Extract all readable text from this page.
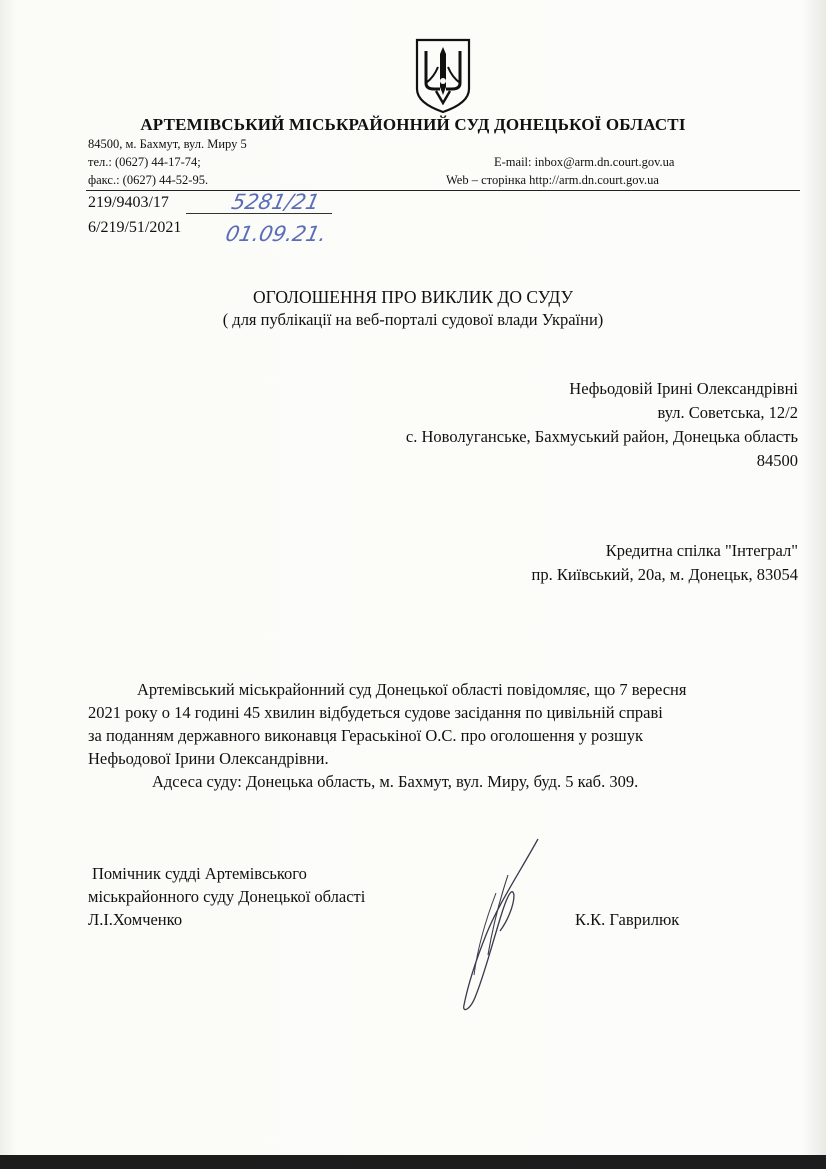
АРТЕМІВСЬКИЙ МІСЬКРАЙОННИЙ СУД ДОНЕЦЬКОЇ ОБЛАСТІ
84500, м. Бахмут, вул. Миру 5
тел.: (0627) 44-17-74;
факс.: (0627) 44-52-95.
E-mail: inbox@arm.dn.court.gov.ua
Web – сторінка http://arm.dn.court.gov.ua
219/9403/17
6/219/51/2021
5281/21
01.09.21.
ОГОЛОШЕННЯ ПРО ВИКЛИК ДО СУДУ
( для публікації на веб-порталі судової влади України)
Нефьодовій Ірині Олександрівні
вул. Советська, 12/2
с. Новолуганське, Бахмуський район, Донецька область
84500
Кредитна спілка "Інтеграл"
пр. Київський, 20а, м. Донецьк, 83054
Артемівський міськрайонний суд Донецької області повідомляє, що 7 вересня
2021 року о 14 годині 45 хвилин відбудеться судове засідання по цивільній справі
за поданням державного виконавця Гераськіної О.С. про оголошення у розшук
Нефьодової Ірини Олександрівни.
Адсеса суду: Донецька область, м. Бахмут, вул. Миру, буд. 5 каб. 309.
Помічник судді Артемівського
міськрайонного суду Донецької області
Л.І.Хомченко	К.К. Гаврилюк
